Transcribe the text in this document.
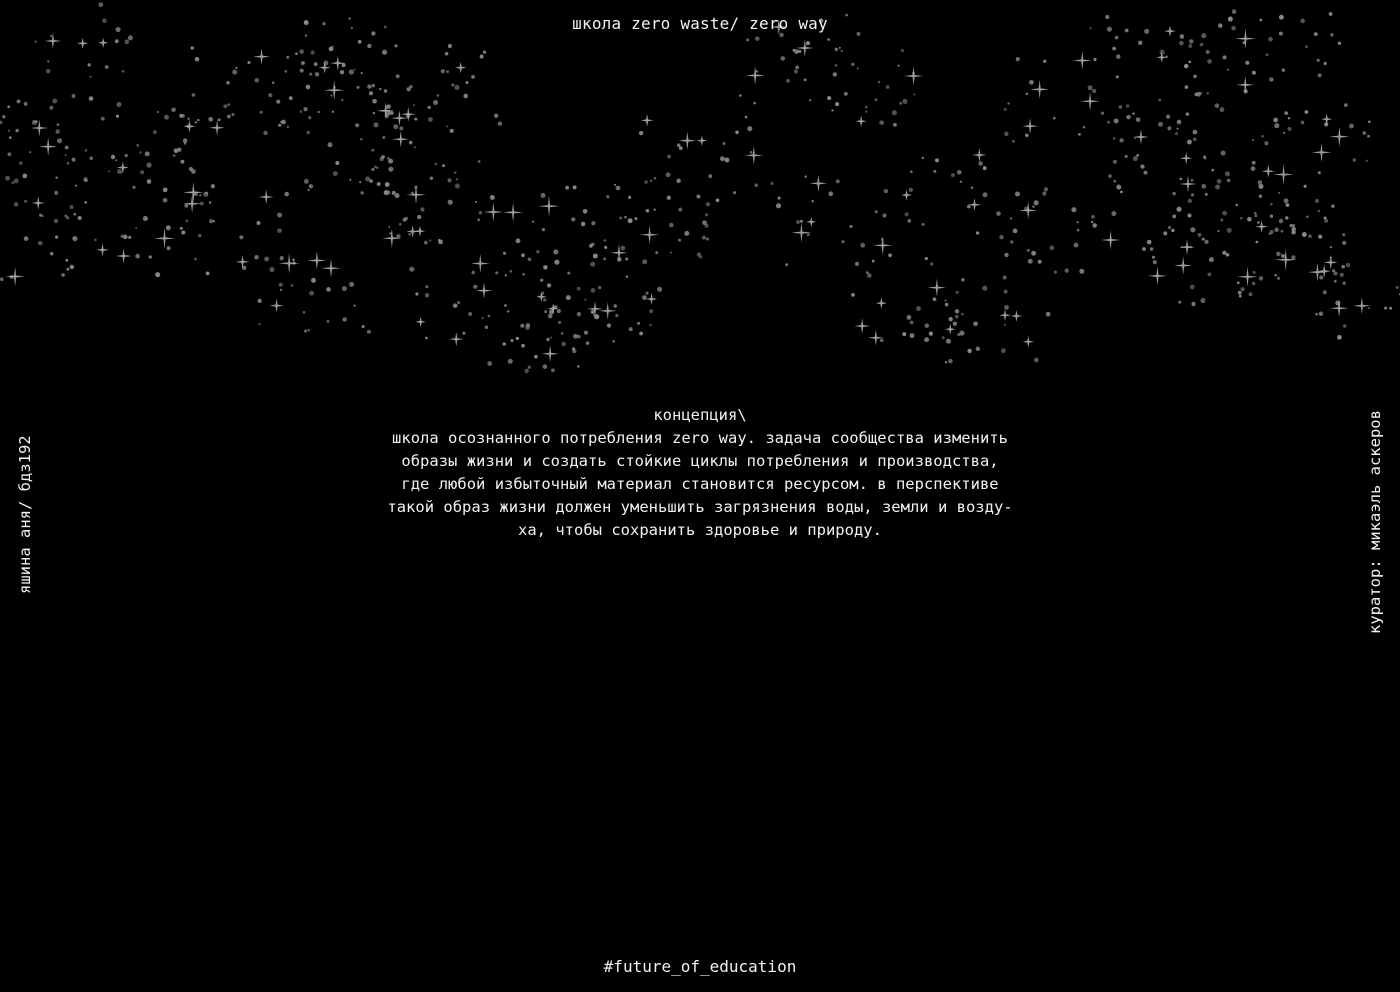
школа zero waste/ zero way
концепция\
школа осознанного потребления zero way. задача сообщества изменить
образы жизни и создать стойкие циклы потребления и производства,
где любой избыточный материал становится ресурсом. в перспективе
такой образ жизни должен уменьшить загрязнения воды, земли и возду-
ха, чтобы сохранить здоровье и природу.
яшина аня/ бдз192	куратор: микаэль аскеров
#future_of_education
